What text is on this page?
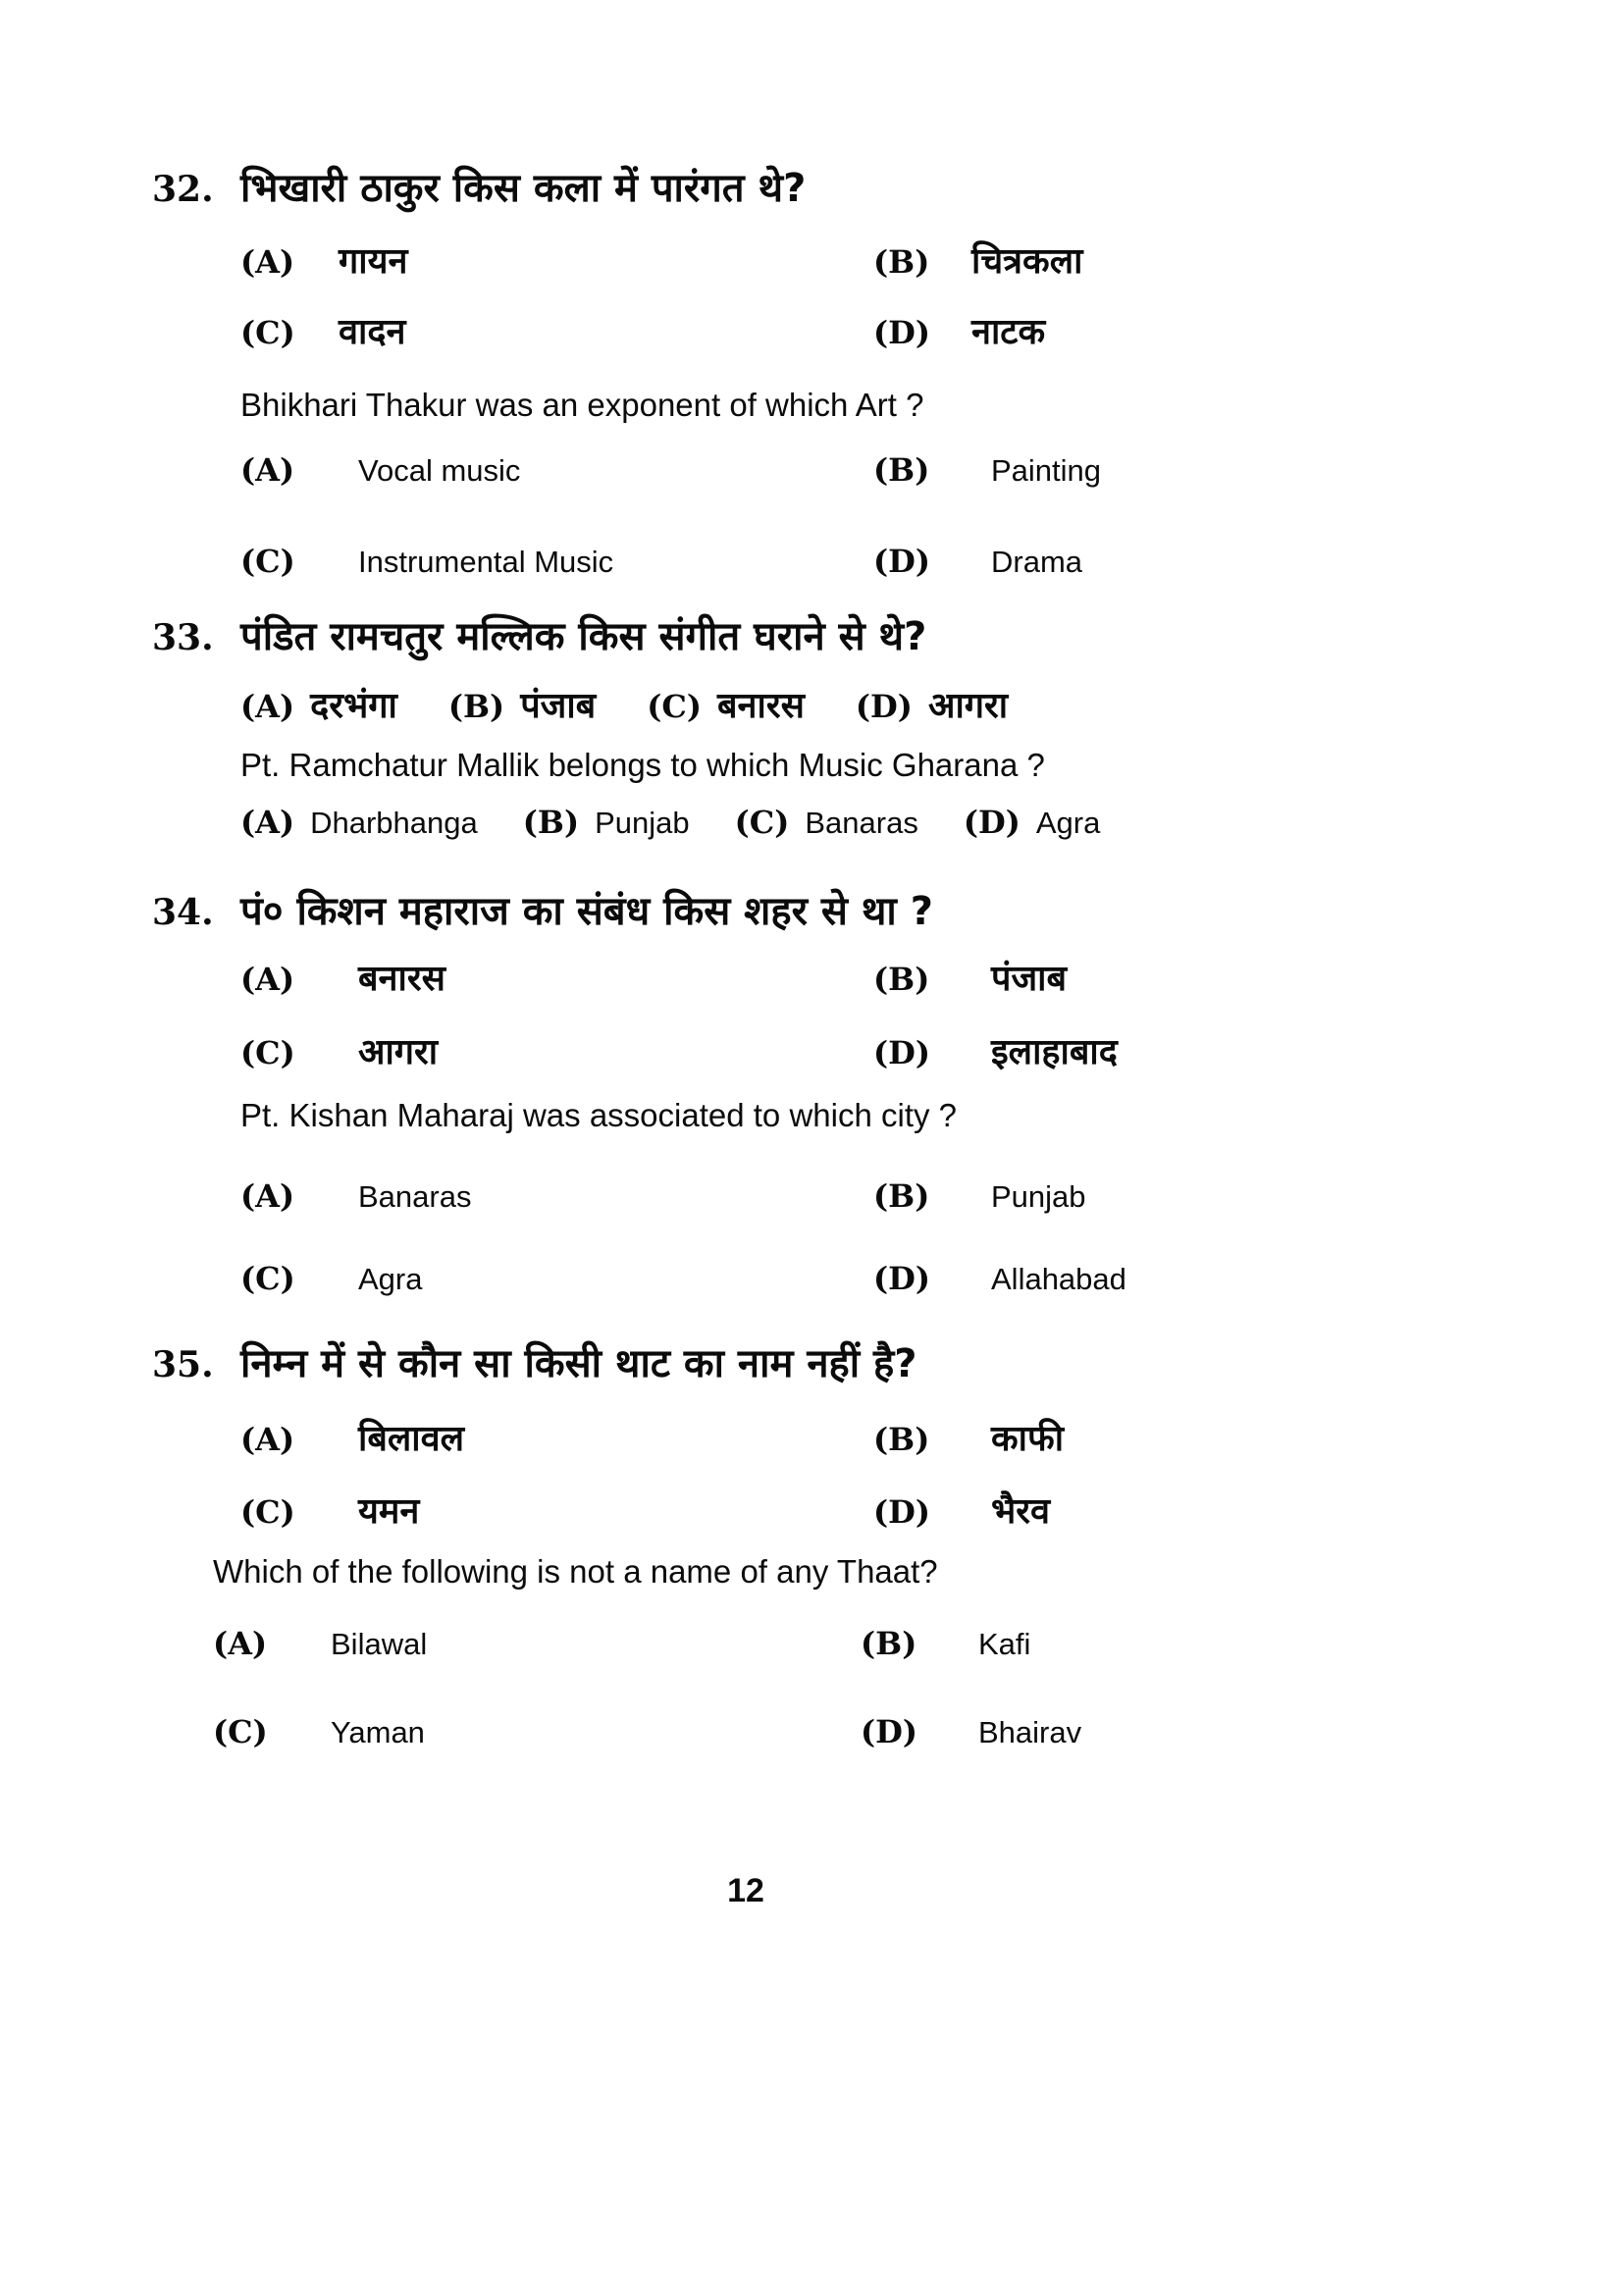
32. भिखारी ठाकुर किस कला में पारंगत थे?
(A) गायन	(B) चित्रकला
(C) वादन	(D) नाटक
Bhikhari Thakur was an exponent of which Art ?
(A) Vocal music	(B) Painting
(C) Instrumental Music	(D) Drama
33. पंडित रामचतुर मल्लिक किस संगीत घराने से थे?
(A) दरभंगा (B) पंजाब (C) बनारस (D) आगरा
Pt. Ramchatur Mallik belongs to which Music Gharana ?
(A) Dharbhanga (B) Punjab (C) Banaras (D) Agra
34. पं० किशन महाराज का संबंध किस शहर से था ?
(A) बनारस	(B) पंजाब
(C) आगरा	(D) इलाहाबाद
Pt. Kishan Maharaj was associated to which city ?
(A) Banaras	(B) Punjab
(C) Agra	(D) Allahabad
35. निम्न में से कौन सा किसी थाट का नाम नहीं है?
(A) बिलावल	(B) काफी
(C) यमन	(D) भैरव
Which of the following is not a name of any Thaat?
(A) Bilawal	(B) Kafi
(C) Yaman	(D) Bhairav
12
